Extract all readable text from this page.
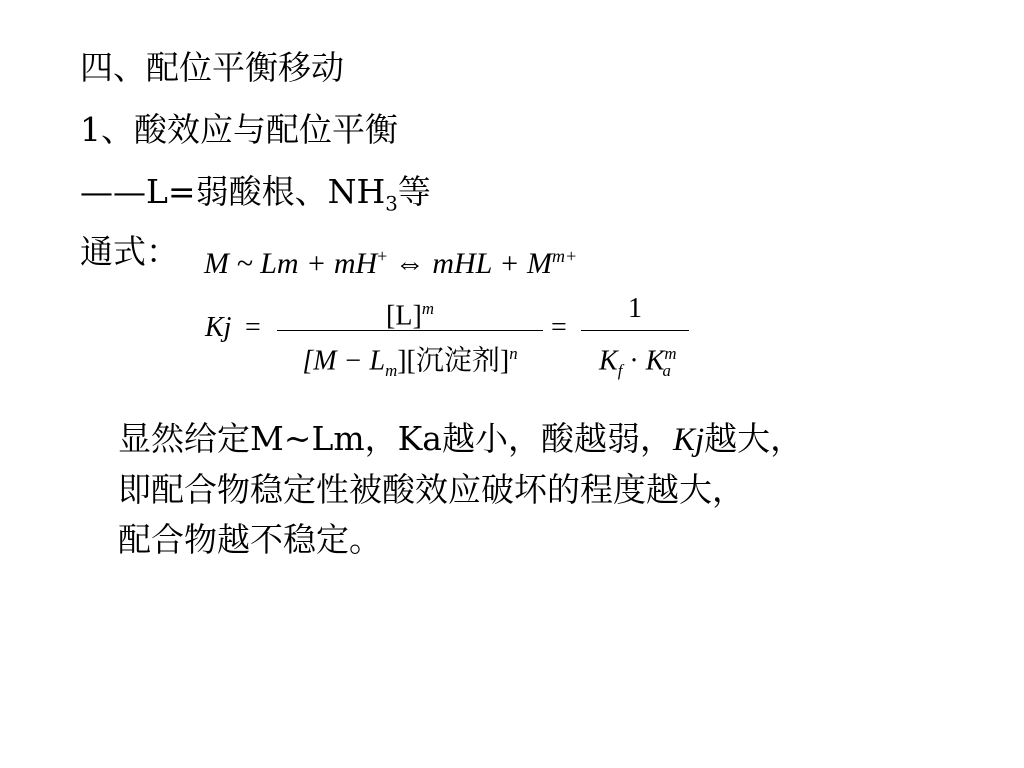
四、配位平衡移动
1、酸效应与配位平衡
——L=弱酸根、$NH_3$等
通式： M ~ Lm + mH+ ⇔ mHL + $M^{m+}$
Kj =	$[L]^m$
$[M - L_m]$[沉淀剂]$^n$
=
1
$K_f \cdot K^m_a$

显然给定M~Lm，Ka越小，酸越弱，Kj越大，

即配合物稳定性被酸效应破坏的程度越大，

配合物越不稳定。
